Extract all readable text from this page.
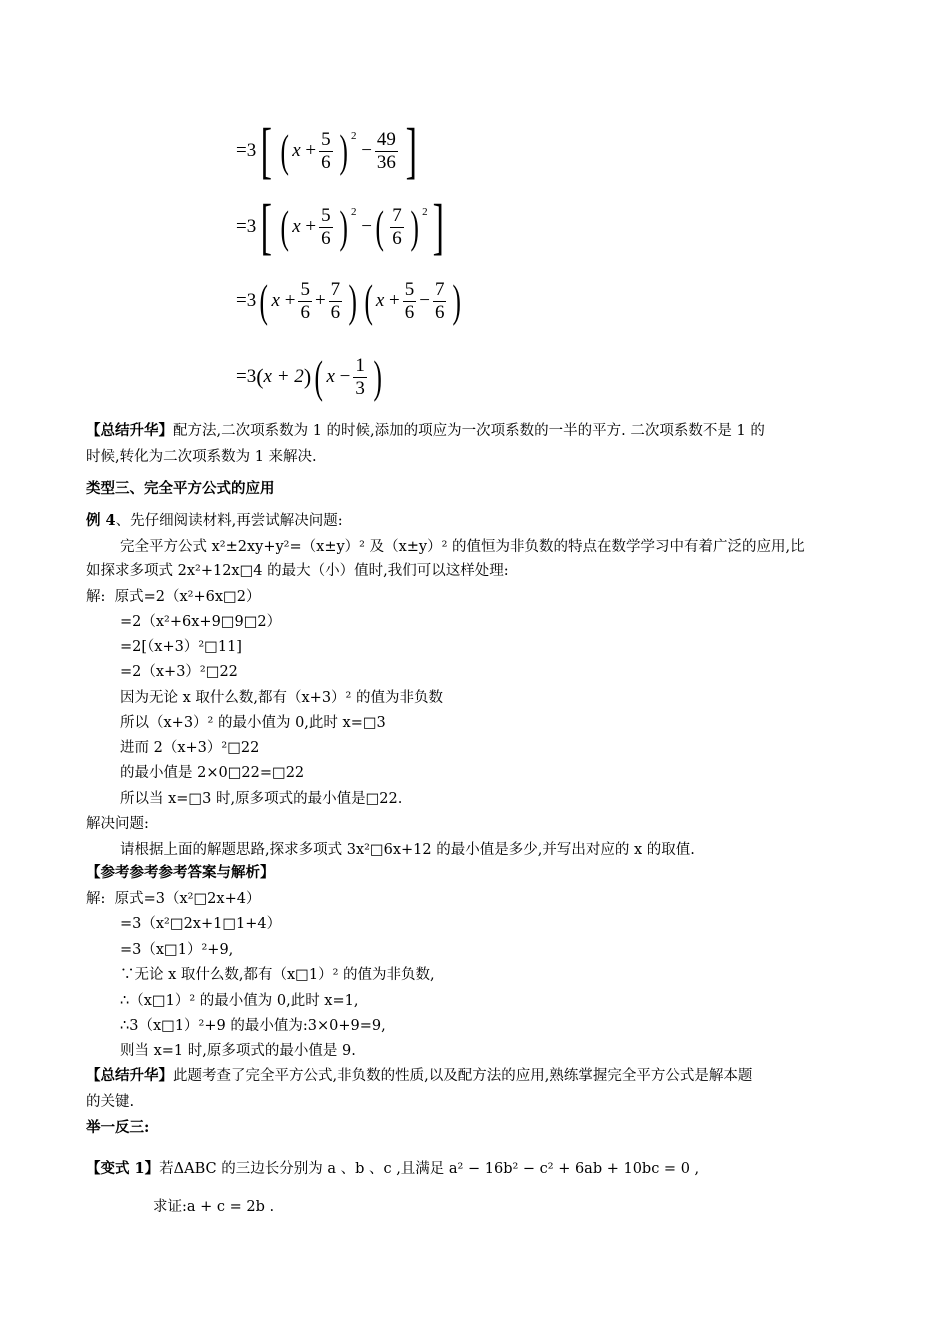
=3 [ ( $x + \frac{5}{6}$ ) $^2$
− $\frac{49}{36}$ ]
=3 [ ( $x + \frac{5}{6}$ ) $^2$
− ( $\frac{7}{6}$ ) $^2$ ]
=3 ( $x + \frac{5}{6} + \frac{7}{6}$ ) ( $x + \frac{5}{6} - \frac{7}{6}$ )
=3 ( x + 2 ) ( $x - \frac{1}{3}$ )
【总结升华】配方法,二次项系数为 1 的时候,添加的项应为一次项系数的一半的平方. 二次项系数不是 1 的
时候,转化为二次项系数为 1 来解决.
类型三、完全平方公式的应用
例 4、先仔细阅读材料,再尝试解决问题:
完全平方公式 x²±2xy+y²=（x±y）² 及（x±y）² 的值恒为非负数的特点在数学学习中有着广泛的应用,比
如探求多项式 2x²+12x□4 的最大（小）值时,我们可以这样处理:
解: 原式=2（x²+6x□2）
=2（x²+6x+9□9□2）
=2[（x+3）²□11]
=2（x+3）²□22
因为无论 x 取什么数,都有（x+3）² 的值为非负数
所以（x+3）² 的最小值为 0,此时 x=□3
进而 2（x+3）²□22
的最小值是 2×0□22=□22
所以当 x=□3 时,原多项式的最小值是□22.
解决问题:
请根据上面的解题思路,探求多项式 3x²□6x+12 的最小值是多少,并写出对应的 x 的取值.
【参考参考参考答案与解析】
解: 原式=3（x²□2x+4）
=3（x²□2x+1□1+4）
=3（x□1）²+9,
∵无论 x 取什么数,都有（x□1）² 的值为非负数,
∴（x□1）² 的最小值为 0,此时 x=1,
∴3（x□1）²+9 的最小值为:3×0+9=9,
则当 x=1 时,原多项式的最小值是 9.
【总结升华】此题考查了完全平方公式,非负数的性质,以及配方法的应用,熟练掌握完全平方公式是解本题
的关键.
举一反三:
【变式 1】若ΔABC 的三边长分别为 a 、b 、c ,且满足 a² − 16b² − c² + 6ab + 10bc = 0 ,
求证:a + c = 2b .
